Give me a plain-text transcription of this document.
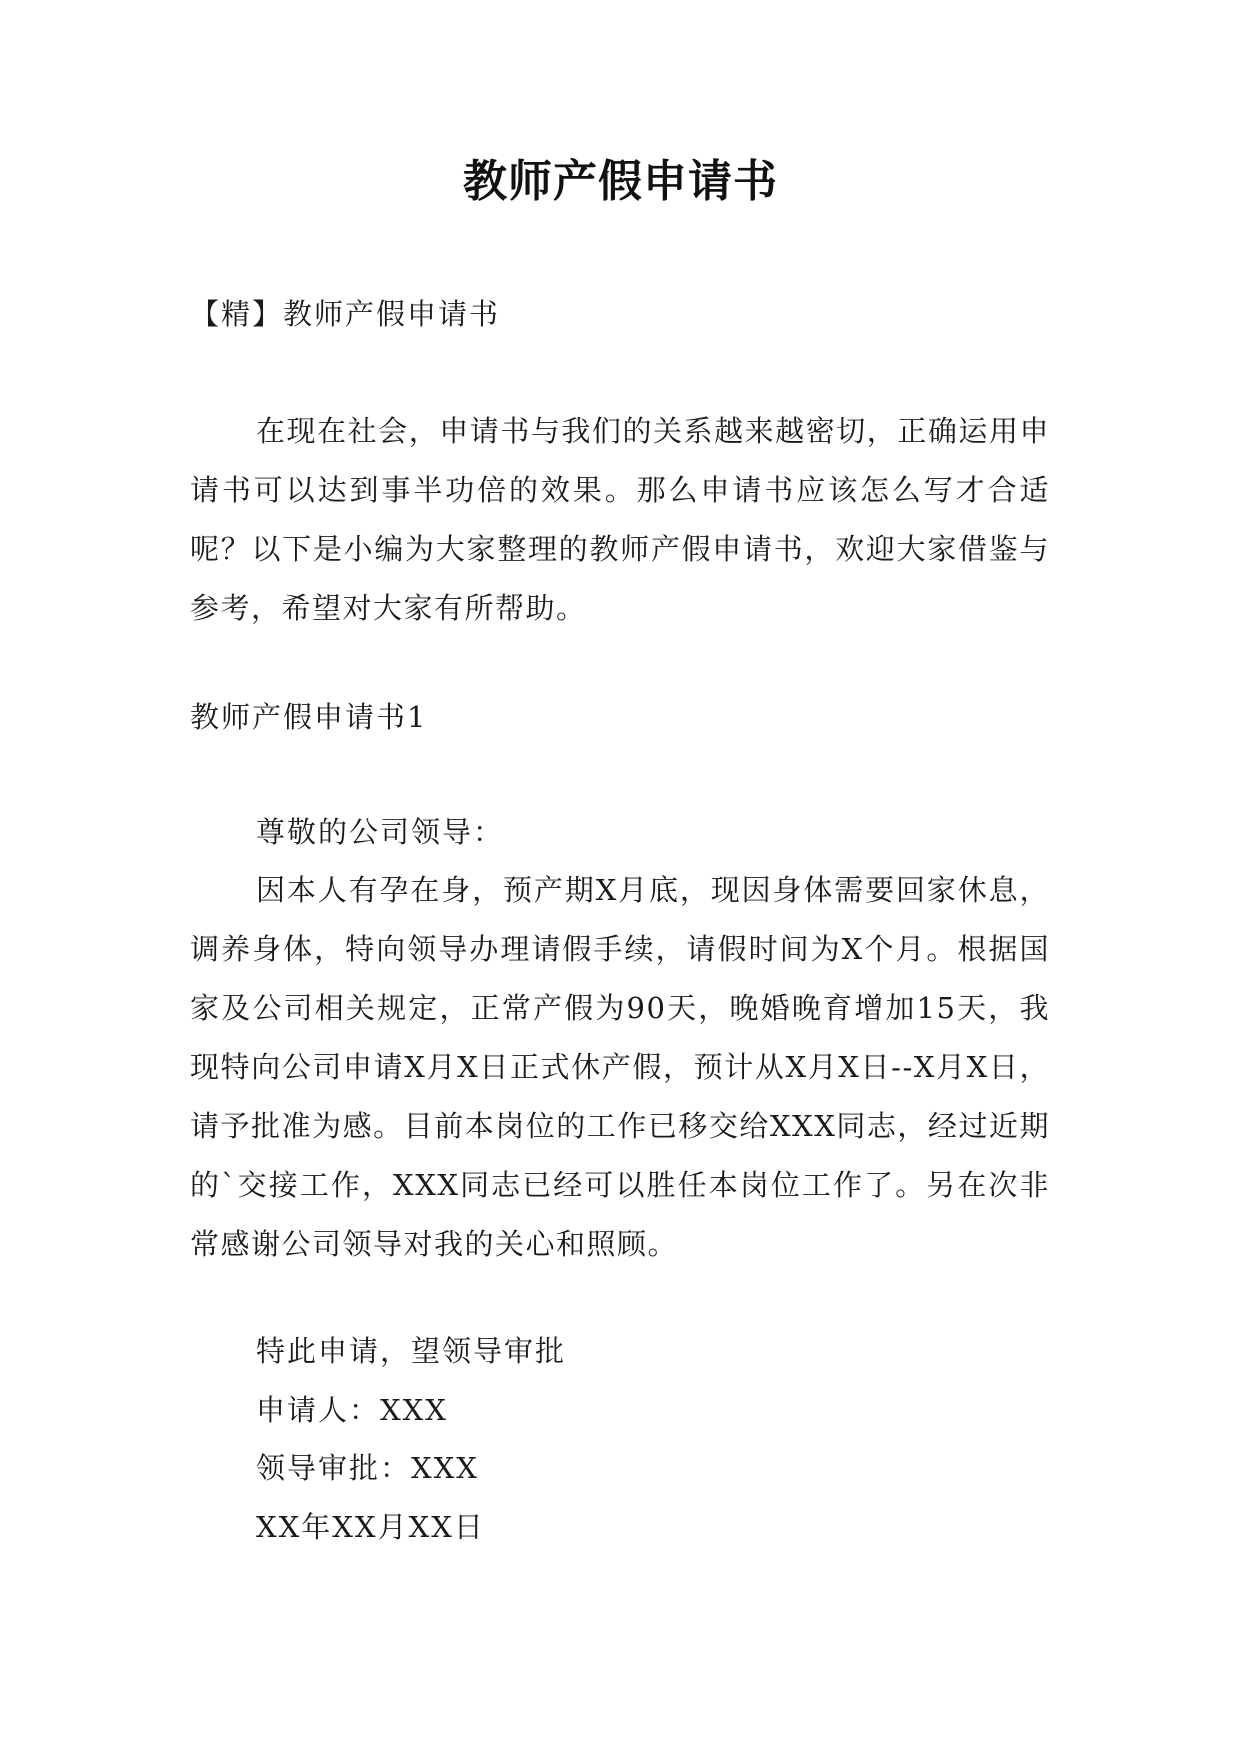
教师产假申请书
【精】教师产假申请书
在现在社会，申请书与我们的关系越来越密切，正确运用申请书可以达到事半功倍的效果。那么申请书应该怎么写才合适呢？以下是小编为大家整理的教师产假申请书，欢迎大家借鉴与参考，希望对大家有所帮助。
教师产假申请书1
尊敬的公司领导：
因本人有孕在身，预产期X月底，现因身体需要回家休息，调养身体，特向领导办理请假手续，请假时间为X个月。根据国家及公司相关规定，正常产假为90天，晚婚晚育增加15天，我现特向公司申请X月X日正式休产假，预计从X月X日--X月X日，请予批准为感。目前本岗位的工作已移交给XXX同志，经过近期的`交接工作，XXX同志已经可以胜任本岗位工作了。另在次非常感谢公司领导对我的关心和照顾。
特此申请，望领导审批
申请人：XXX
领导审批：XXX
XX年XX月XX日
